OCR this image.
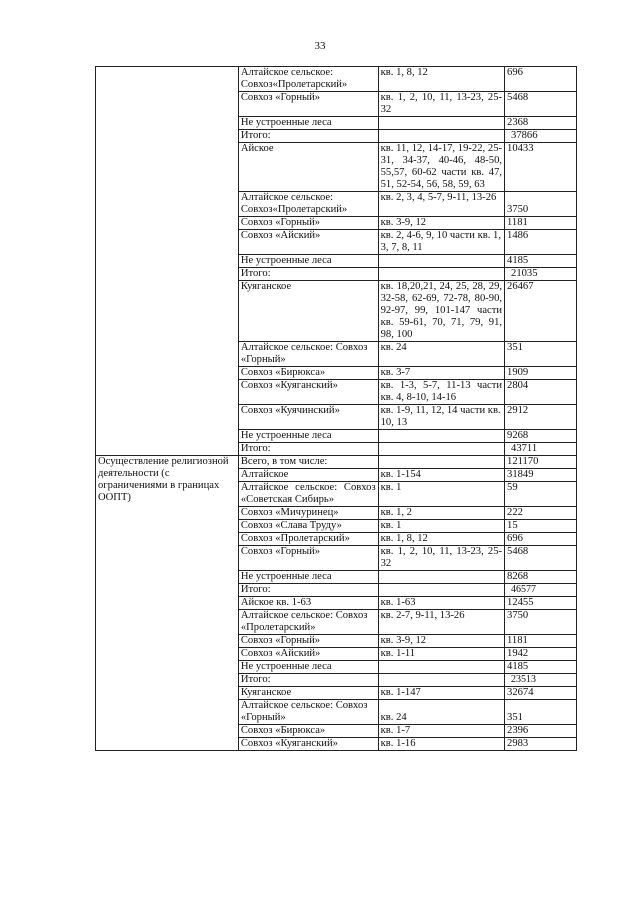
33
	Алтайское сельское: Совхоз«Пролетарский»	кв. 1, 8, 12	696
	Совхоз «Горный»	кв. 1, 2, 10, 11, 13-23, 25-32	5468
	Не устроенные леса		2368
	Итого:		37866
	Айское	кв. 11, 12, 14-17, 19-22, 25-31, 34-37, 40-46, 48-50, 55,57, 60-62 части кв. 47, 51, 52-54, 56, 58, 59, 63	10433
	Алтайское сельское: Совхоз«Пролетарский»	кв. 2, 3, 4, 5-7, 9-11, 13-26	3750
	Совхоз «Горный»	кв. 3-9, 12	1181
	Совхоз «Айский»	кв. 2, 4-6, 9, 10 части кв. 1, 3, 7, 8, 11	1486
	Не устроенные леса		4185
	Итого:		21035
	Куяганское	кв. 18,20,21, 24, 25, 28, 29, 32-58, 62-69, 72-78, 80-90, 92-97, 99, 101-147 части кв. 59-61, 70, 71, 79, 91, 98, 100	26467
	Алтайское сельское: Совхоз «Горный»	кв. 24	351
	Совхоз «Бирюкса»	кв. 3-7	1909
	Совхоз «Куяганский»	кв. 1-3, 5-7, 11-13 части кв. 4, 8-10, 14-16	2804
	Совхоз «Куячинский»	кв. 1-9, 11, 12, 14 части кв. 10, 13	2912
	Не устроенные леса		9268
	Итого:		43711
Осуществление религиозной деятельности (с ограничениями в границах ООПТ)	Всего, в том числе:		121170
	Алтайское	кв. 1-154	31849
	Алтайское сельское: Совхоз «Советская Сибирь»	кв. 1	59
	Совхоз «Мичуринец»	кв. 1, 2	222
	Совхоз «Слава Труду»	кв. 1	15
	Совхоз «Пролетарский»	кв. 1, 8, 12	696
	Совхоз «Горный»	кв. 1, 2, 10, 11, 13-23, 25-32	5468
	Не устроенные леса		8268
	Итого:		46577
	Айское кв. 1-63	кв. 1-63	12455
	Алтайское сельское: Совхоз «Пролетарский»	кв. 2-7, 9-11, 13-26	3750
	Совхоз «Горный»	кв. 3-9, 12	1181
	Совхоз «Айский»	кв. 1-11	1942
	Не устроенные леса		4185
	Итого:		23513
	Куяганское	кв. 1-147	32674
	Алтайское сельское: Совхоз «Горный»	кв. 24	351
	Совхоз «Бирюкса»	кв. 1-7	2396
	Совхоз «Куяганский»	кв. 1-16	2983
